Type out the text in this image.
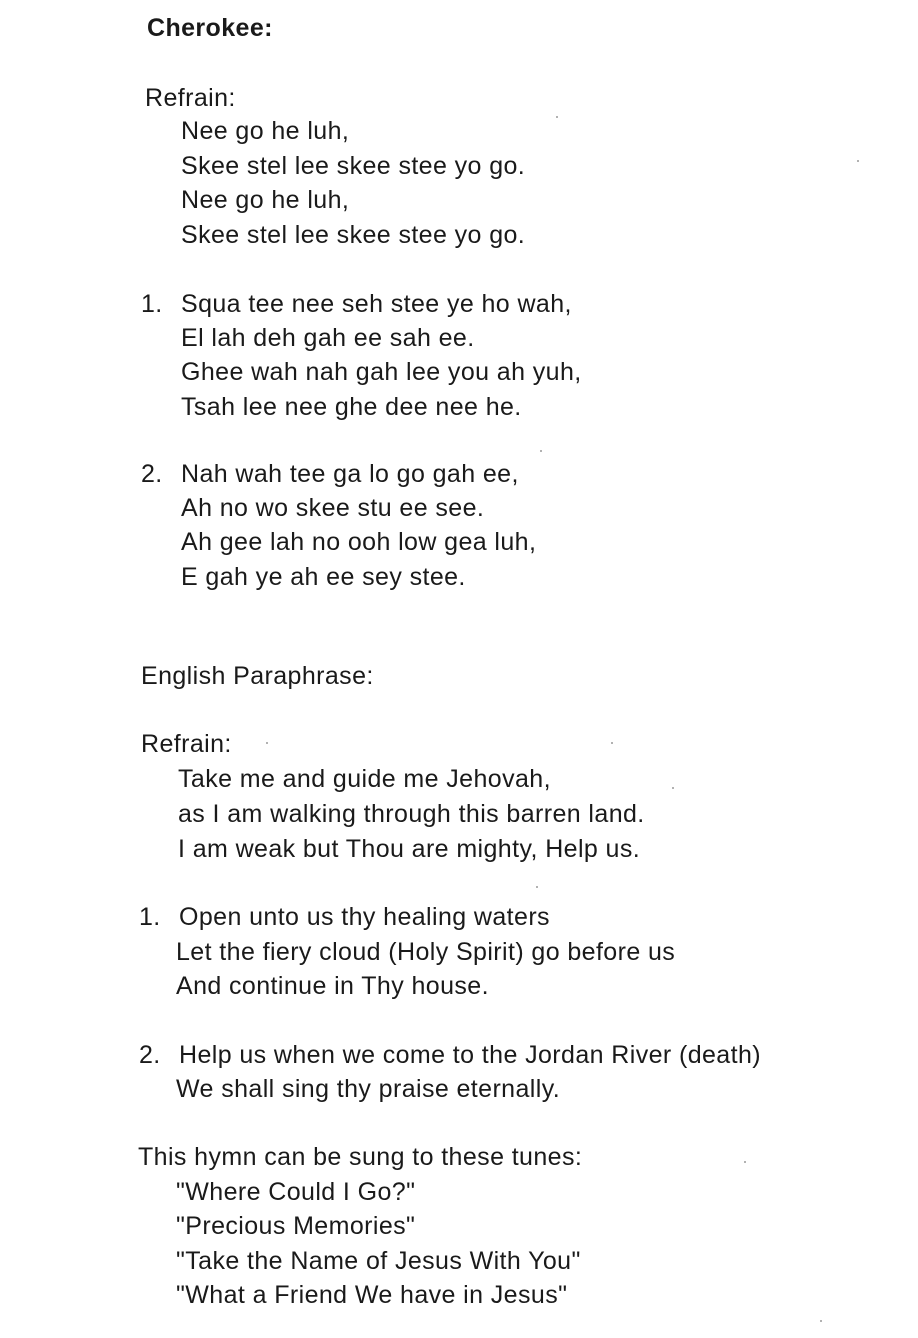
Cherokee:
Refrain:
Nee go he luh,
Skee stel lee skee stee yo go.
Nee go he luh,
Skee stel lee skee stee yo go.
1. Squa tee nee seh stee ye ho wah,
El lah deh gah ee sah ee.
Ghee wah nah gah lee you ah yuh,
Tsah lee nee ghe dee nee he.
2. Nah wah tee ga lo go gah ee,
Ah no wo skee stu ee see.
Ah gee lah no ooh low gea luh,
E gah ye ah ee sey stee.
English Paraphrase:
Refrain:
Take me and guide me Jehovah,
as I am walking through this barren land.
I am weak but Thou are mighty, Help us.
1. Open unto us thy healing waters
Let the fiery cloud (Holy Spirit) go before us
And continue in Thy house.
2. Help us when we come to the Jordan River (death)
We shall sing thy praise eternally.
This hymn can be sung to these tunes:
"Where Could I Go?"
"Precious Memories"
"Take the Name of Jesus With You"
"What a Friend We have in Jesus"
